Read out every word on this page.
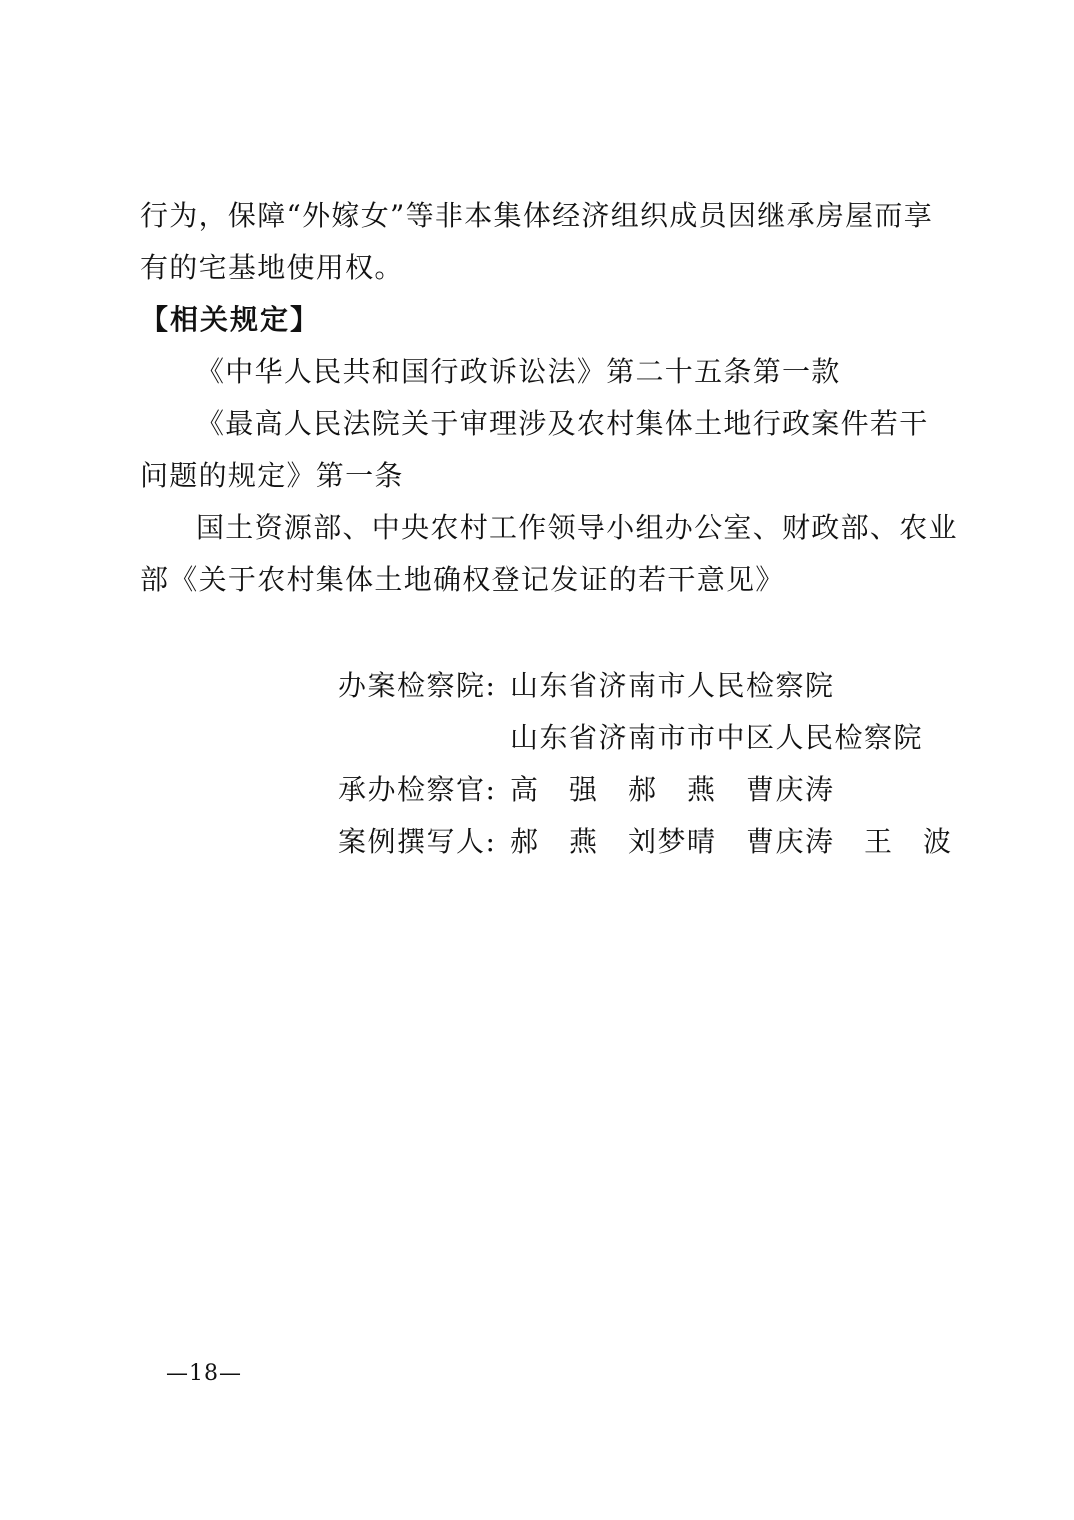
行为，保障“外嫁女”等非本集体经济组织成员因继承房屋而享
有的宅基地使用权。
【相关规定】
《中华人民共和国行政诉讼法》第二十五条第一款
《最高人民法院关于审理涉及农村集体土地行政案件若干
问题的规定》第一条
国土资源部、中央农村工作领导小组办公室、财政部、农业
部《关于农村集体土地确权登记发证的若干意见》
办案检察院: 山东省济南市人民检察院
山东省济南市市中区人民检察院
承办检察官: 高　强　郝　燕　曹庆涛
案例撰写人: 郝　燕　刘梦晴　曹庆涛　王　波
—18—
